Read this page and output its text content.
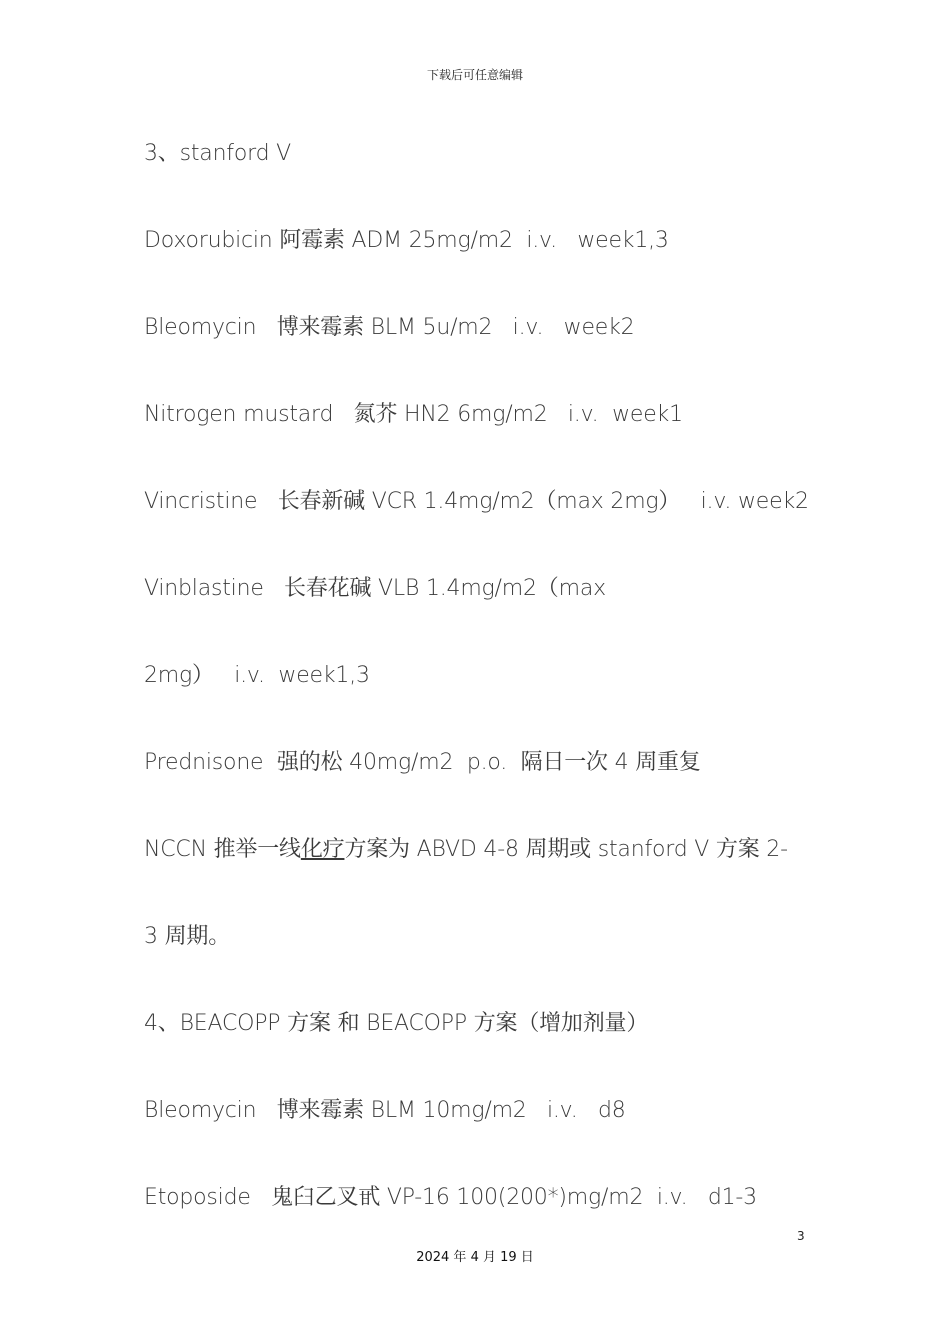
下载后可任意编辑
3、stanford V
Doxorubicin 阿霉素 ADM 25mg/m2  i.v.   week1,3
Bleomycin   博来霉素 BLM 5u/m2   i.v.   week2
Nitrogen mustard   氮芥 HN2 6mg/m2   i.v.  week1
Vincristine   长春新碱 VCR 1.4mg/m2（max 2mg）   i.v. week2
Vinblastine   长春花碱 VLB 1.4mg/m2（max
2mg）   i.v.  week1,3
Prednisone  强的松 40mg/m2  p.o.  隔日一次 4 周重复
NCCN 推举一线化疗方案为 ABVD 4-8 周期或 stanford V 方案 2-
3 周期。
4、BEACOPP 方案 和 BEACOPP 方案（增加剂量）
Bleomycin   博来霉素 BLM 10mg/m2   i.v.   d8
Etoposide   鬼臼乙叉甙 VP-16 100(200*)mg/m2  i.v.   d1-3
3
2024 年 4 月 19 日
